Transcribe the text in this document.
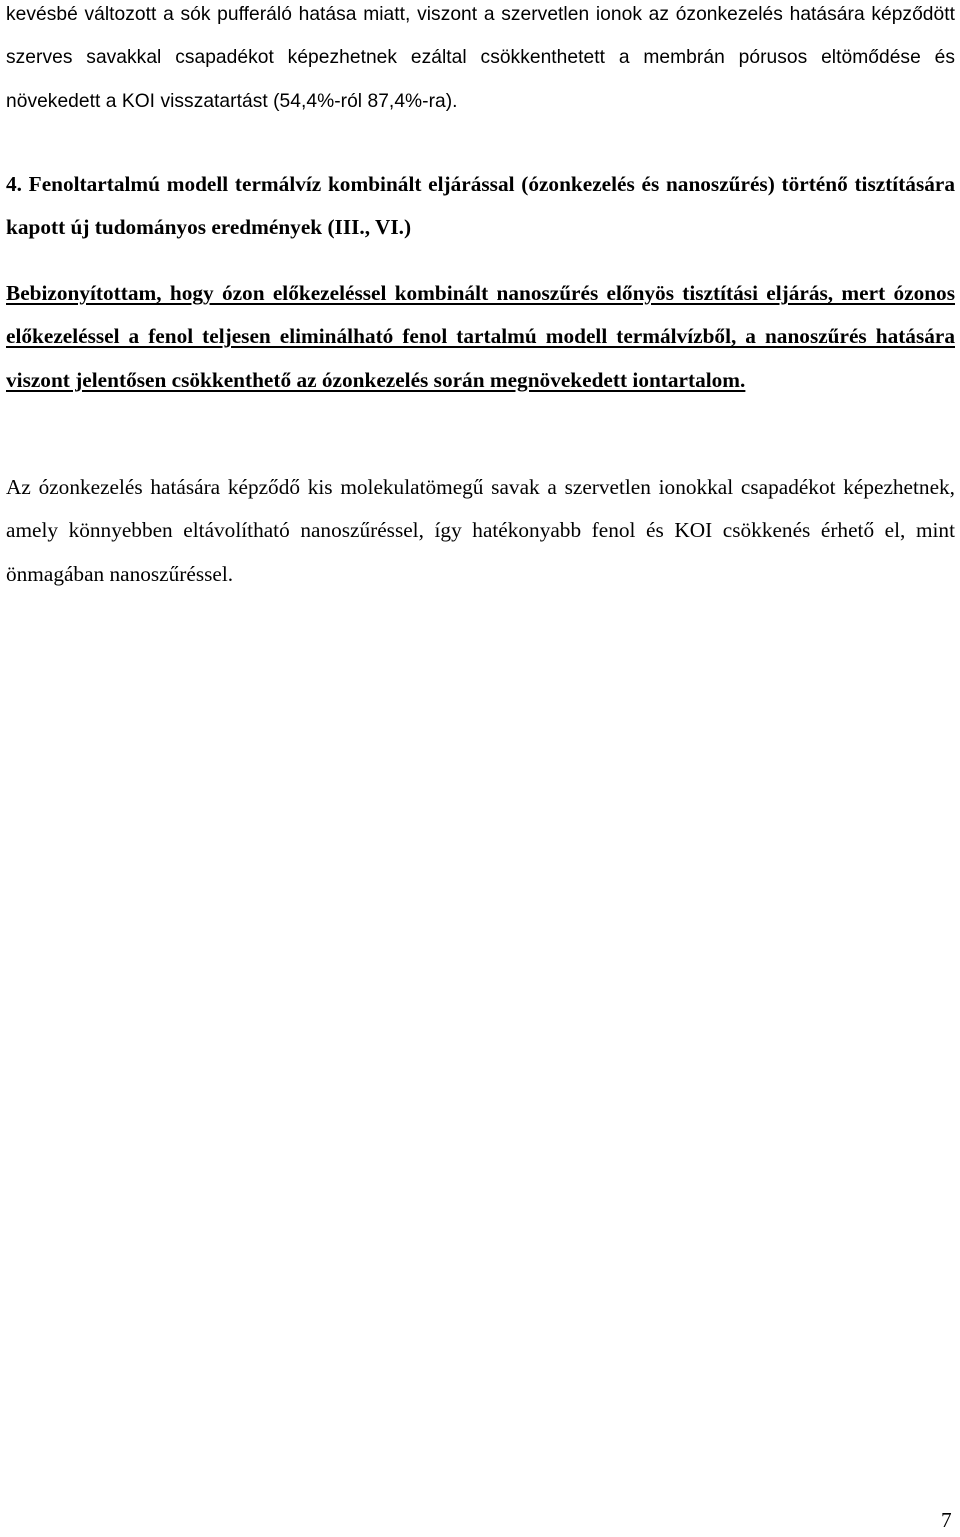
kevésbé változott a sók pufferáló hatása miatt, viszont a szervetlen ionok az ózonkezelés hatására képződött szerves savakkal csapadékot képezhetnek ezáltal csökkenthetett a membrán pórusos eltömődése és növekedett a KOI visszatartást (54,4%-ról 87,4%-ra).

4. Fenoltartalmú modell termálvíz kombinált eljárással (ózonkezelés és nanoszűrés) történő tisztítására kapott új tudományos eredmények (III., VI.)

Bebizonyítottam, hogy ózon előkezeléssel kombinált nanoszűrés előnyös tisztítási eljárás, mert ózonos előkezeléssel a fenol teljesen eliminálható fenol tartalmú modell termálvízből, a nanoszűrés hatására viszont jelentősen csökkenthető az ózonkezelés során megnövekedett iontartalom.

Az ózonkezelés hatására képződő kis molekulatömegű savak a szervetlen ionokkal csapadékot képezhetnek, amely könnyebben eltávolítható nanoszűréssel, így hatékonyabb fenol és KOI csökkenés érhető el, mint önmagában nanoszűréssel.

7
